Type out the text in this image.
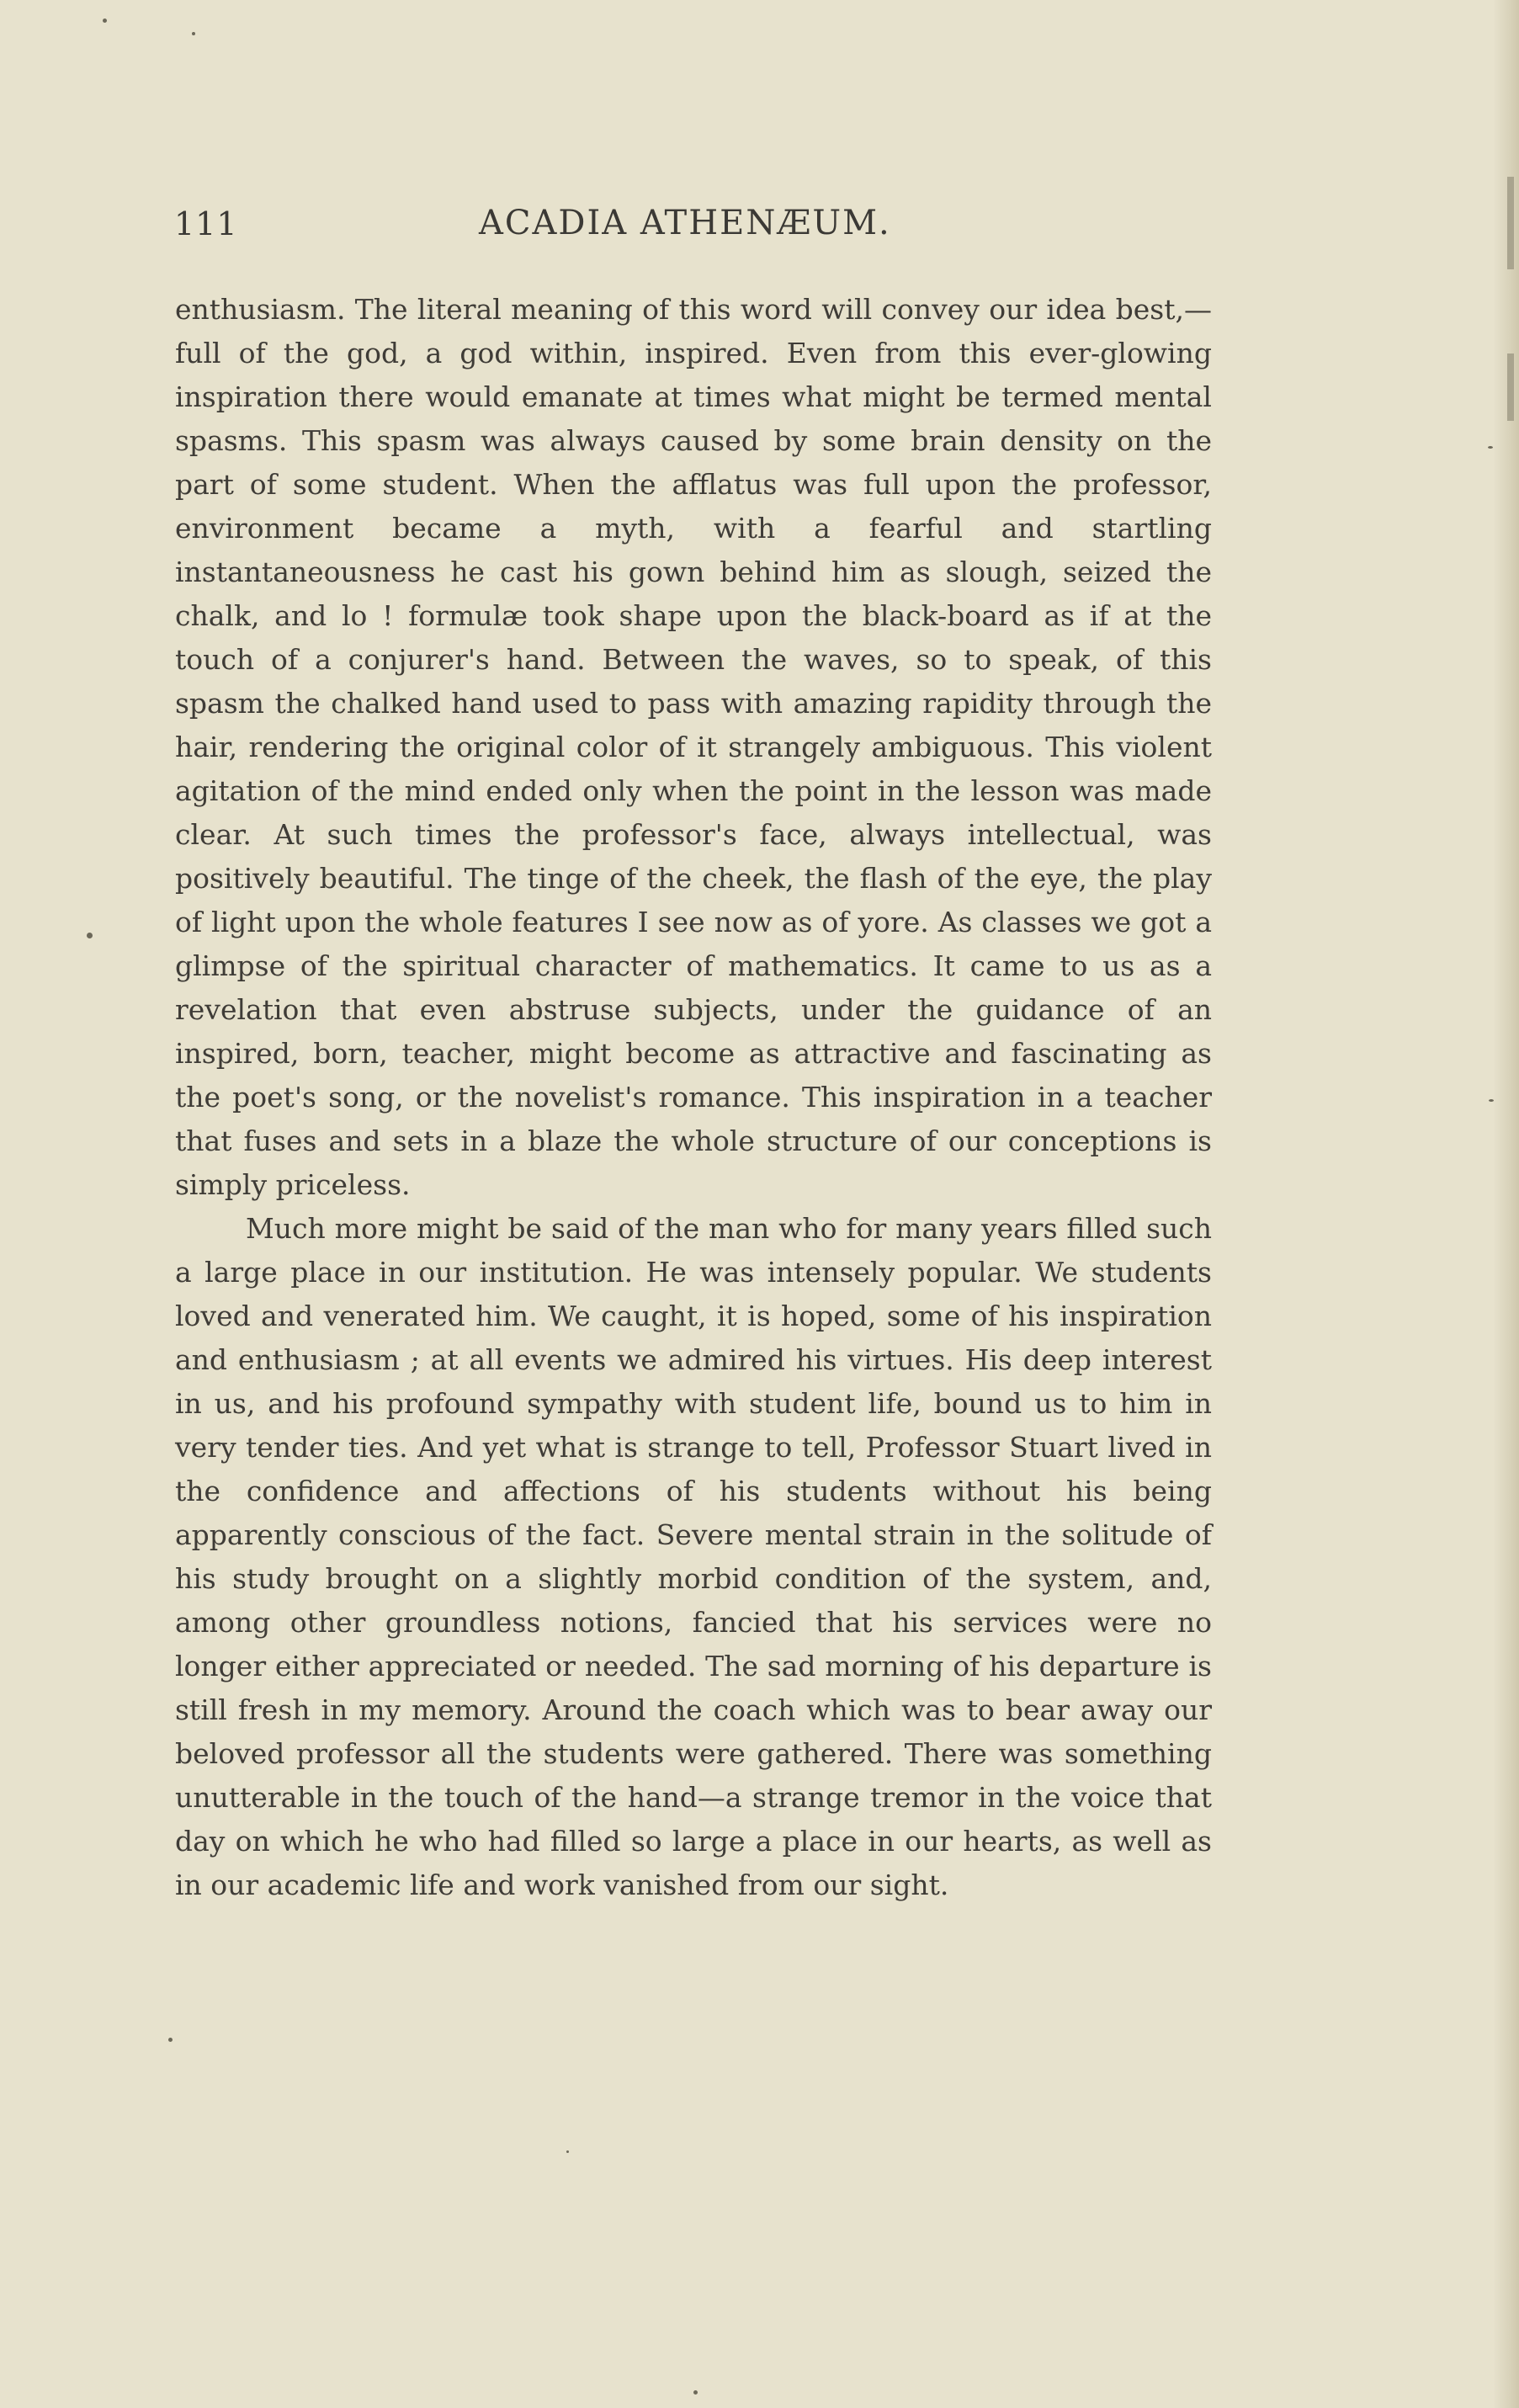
111	ACADIA ATHENÆUM.

enthusiasm. The literal meaning of this word will convey our idea best,—full of the god, a god within, inspired. Even from this ever-glowing inspiration there would emanate at times what might be termed mental spasms. This spasm was always caused by some brain density on the part of some student. When the afflatus was full upon the professor, environment became a myth, with a fearful and startling instantaneousness he cast his gown behind him as slough, seized the chalk, and lo ! formulæ took shape upon the black-board as if at the touch of a conjurer's hand. Between the waves, so to speak, of this spasm the chalked hand used to pass with amazing rapidity through the hair, rendering the original color of it strangely ambiguous. This violent agitation of the mind ended only when the point in the lesson was made clear. At such times the professor's face, always intellectual, was positively beautiful. The tinge of the cheek, the flash of the eye, the play of light upon the whole features I see now as of yore. As classes we got a glimpse of the spiritual character of mathematics. It came to us as a revelation that even abstruse subjects, under the guidance of an inspired, born, teacher, might become as attractive and fascinating as the poet's song, or the novelist's romance. This inspiration in a teacher that fuses and sets in a blaze the whole structure of our conceptions is simply priceless.

Much more might be said of the man who for many years filled such a large place in our institution. He was intensely popular. We students loved and venerated him. We caught, it is hoped, some of his inspiration and enthusiasm ; at all events we admired his virtues. His deep interest in us, and his profound sympathy with student life, bound us to him in very tender ties. And yet what is strange to tell, Professor Stuart lived in the confidence and affections of his students without his being apparently conscious of the fact. Severe mental strain in the solitude of his study brought on a slightly morbid condition of the system, and, among other groundless notions, fancied that his services were no longer either appreciated or needed. The sad morning of his departure is still fresh in my memory. Around the coach which was to bear away our beloved professor all the students were gathered. There was something unutterable in the touch of the hand—a strange tremor in the voice that day on which he who had filled so large a place in our hearts, as well as in our academic life and work vanished from our sight.
